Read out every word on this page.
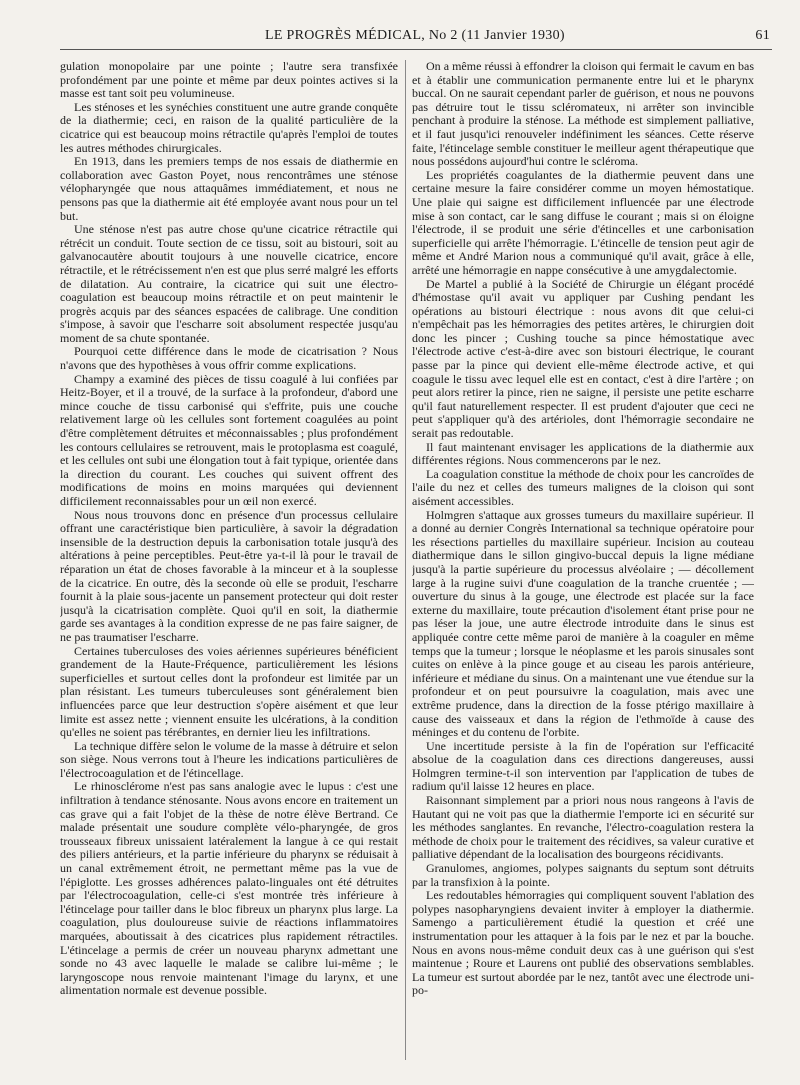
LE PROGRÈS MÉDICAL, No 2 (11 Janvier 1930)	61

gulation monopolaire par une pointe ; l'autre sera transfixée profondément par une pointe et même par deux pointes actives si la masse est tant soit peu volumineuse.

Les sténoses et les synéchies constituent une autre grande conquête de la diathermie; ceci, en raison de la qualité particulière de la cicatrice qui est beaucoup moins rétractile qu'après l'emploi de toutes les autres méthodes chirurgicales.

En 1913, dans les premiers temps de nos essais de diathermie en collaboration avec Gaston Poyet, nous rencontrâmes une sténose vélopharyngée que nous attaquâmes immédiatement, et nous ne pensons pas que la diathermie ait été employée avant nous pour un tel but.

Une sténose n'est pas autre chose qu'une cicatrice rétractile qui rétrécit un conduit. Toute section de ce tissu, soit au bistouri, soit au galvanocautère aboutit toujours à une nouvelle cicatrice, encore rétractile, et le rétrécissement n'en est que plus serré malgré les efforts de dilatation. Au contraire, la cicatrice qui suit une électro-coagulation est beaucoup moins rétractile et on peut maintenir le progrès acquis par des séances espacées de calibrage. Une condition s'impose, à savoir que l'escharre soit absolument respectée jusqu'au moment de sa chute spontanée.

Pourquoi cette différence dans le mode de cicatrisation ? Nous n'avons que des hypothèses à vous offrir comme explications.

Champy a examiné des pièces de tissu coagulé à lui confiées par Heitz-Boyer, et il a trouvé, de la surface à la profondeur, d'abord une mince couche de tissu carbonisé qui s'effrite, puis une couche relativement large où les cellules sont fortement coagulées au point d'être complètement détruites et méconnaissables ; plus profondément les contours cellulaires se retrouvent, mais le protoplasma est coagulé, et les cellules ont subi une élongation tout à fait typique, orientée dans la direction du courant. Les couches qui suivent offrent des modifications de moins en moins marquées qui deviennent difficilement reconnaissables pour un œil non exercé.

Nous nous trouvons donc en présence d'un processus cellulaire offrant une caractéristique bien particulière, à savoir la dégradation insensible de la destruction depuis la carbonisation totale jusqu'à des altérations à peine perceptibles. Peut-être ya-t-il là pour le travail de réparation un état de choses favorable à la minceur et à la souplesse de la cicatrice. En outre, dès la seconde où elle se produit, l'escharre fournit à la plaie sous-jacente un pansement protecteur qui doit rester jusqu'à la cicatrisation complète. Quoi qu'il en soit, la diathermie garde ses avantages à la condition expresse de ne pas faire saigner, de ne pas traumatiser l'escharre.

Certaines tuberculoses des voies aériennes supérieures bénéficient grandement de la Haute-Fréquence, particulièrement les lésions superficielles et surtout celles dont la profondeur est limitée par un plan résistant. Les tumeurs tuberculeuses sont généralement bien influencées parce que leur destruction s'opère aisément et que leur limite est assez nette ; viennent ensuite les ulcérations, à la condition qu'elles ne soient pas térébrantes, en dernier lieu les infiltrations.

La technique diffère selon le volume de la masse à détruire et selon son siège. Nous verrons tout à l'heure les indications particulières de l'électrocoagulation et de l'étincellage.

Le rhinosclérome n'est pas sans analogie avec le lupus : c'est une infiltration à tendance sténosante. Nous avons encore en traitement un cas grave qui a fait l'objet de la thèse de notre élève Bertrand. Ce malade présentait une soudure complète vélo-pharyngée, de gros trousseaux fibreux unissaient latéralement la langue à ce qui restait des piliers antérieurs, et la partie inférieure du pharynx se réduisait à un canal extrêmement étroit, ne permettant même pas la vue de l'épiglotte. Les grosses adhérences palato-linguales ont été détruites par l'électrocoagulation, celle-ci s'est montrée très inférieure à l'étincelage pour tailler dans le bloc fibreux un pharynx plus large. La coagulation, plus douloureuse suivie de réactions inflammatoires marquées, aboutissait à des cicatrices plus rapidement rétractiles. L'étincelage a permis de créer un nouveau pharynx admettant une sonde no 43 avec laquelle le malade se calibre lui-même ; le laryngoscope nous renvoie maintenant l'image du larynx, et une alimentation normale est devenue possible.

On a même réussi à effondrer la cloison qui fermait le cavum en bas et à établir une communication permanente entre lui et le pharynx buccal. On ne saurait cependant parler de guérison, et nous ne pouvons pas détruire tout le tissu scléromateux, ni arrêter son invincible penchant à produire la sténose. La méthode est simplement palliative, et il faut jusqu'ici renouveler indéfiniment les séances. Cette réserve faite, l'étincelage semble constituer le meilleur agent thérapeutique que nous possédons aujourd'hui contre le scléroma.

Les propriétés coagulantes de la diathermie peuvent dans une certaine mesure la faire considérer comme un moyen hémostatique. Une plaie qui saigne est difficilement influencée par une électrode mise à son contact, car le sang diffuse le courant ; mais si on éloigne l'électrode, il se produit une série d'étincelles et une carbonisation superficielle qui arrête l'hémorragie. L'étincelle de tension peut agir de même et André Marion nous a communiqué qu'il avait, grâce à elle, arrêté une hémorragie en nappe consécutive à une amygdalectomie.

De Martel a publié à la Société de Chirurgie un élégant procédé d'hémostase qu'il avait vu appliquer par Cushing pendant les opérations au bistouri électrique : nous avons dit que celui-ci n'empêchait pas les hémorragies des petites artères, le chirurgien doit donc les pincer ; Cushing touche sa pince hémostatique avec l'électrode active c'est-à-dire avec son bistouri électrique, le courant passe par la pince qui devient elle-même électrode active, et qui coagule le tissu avec lequel elle est en contact, c'est à dire l'artère ; on peut alors retirer la pince, rien ne saigne, il persiste une petite escharre qu'il faut naturellement respecter. Il est prudent d'ajouter que ceci ne peut s'appliquer qu'à des artérioles, dont l'hémorragie secondaire ne serait pas redoutable.

Il faut maintenant envisager les applications de la diathermie aux différentes régions. Nous commencerons par le nez.

La coagulation constitue la méthode de choix pour les cancroïdes de l'aile du nez et celles des tumeurs malignes de la cloison qui sont aisément accessibles.

Holmgren s'attaque aux grosses tumeurs du maxillaire supérieur. Il a donné au dernier Congrès International sa technique opératoire pour les résections partielles du maxillaire supérieur. Incision au couteau diathermique dans le sillon gingivo-buccal depuis la ligne médiane jusqu'à la partie supérieure du processus alvéolaire ; — décollement large à la rugine suivi d'une coagulation de la tranche cruentée ; — ouverture du sinus à la gouge, une électrode est placée sur la face externe du maxillaire, toute précaution d'isolement étant prise pour ne pas léser la joue, une autre électrode introduite dans le sinus est appliquée contre cette même paroi de manière à la coaguler en même temps que la tumeur ; lorsque le néoplasme et les parois sinusales sont cuites on enlève à la pince gouge et au ciseau les parois antérieure, inférieure et médiane du sinus. On a maintenant une vue étendue sur la profondeur et on peut poursuivre la coagulation, mais avec une extrême prudence, dans la direction de la fosse ptérigo maxillaire à cause des vaisseaux et dans la région de l'ethmoïde à cause des méninges et du contenu de l'orbite.

Une incertitude persiste à la fin de l'opération sur l'efficacité absolue de la coagulation dans ces directions dangereuses, aussi Holmgren termine-t-il son intervention par l'application de tubes de radium qu'il laisse 12 heures en place.

Raisonnant simplement par a priori nous nous rangeons à l'avis de Hautant qui ne voit pas que la diathermie l'emporte ici en sécurité sur les méthodes sanglantes. En revanche, l'électro-coagulation restera la méthode de choix pour le traitement des récidives, sa valeur curative et palliative dépendant de la localisation des bourgeons récidivants.

Granulomes, angiomes, polypes saignants du septum sont détruits par la transfixion à la pointe.

Les redoutables hémorragies qui compliquent souvent l'ablation des polypes nasopharyngiens devaient inviter à employer la diathermie. Samengo a particulièrement étudié la question et créé une instrumentation pour les attaquer à la fois par le nez et par la bouche. Nous en avons nous-même conduit deux cas à une guérison qui s'est maintenue ; Roure et Laurens ont publié des observations semblables. La tumeur est surtout abordée par le nez, tantôt avec une électrode uni-po-
